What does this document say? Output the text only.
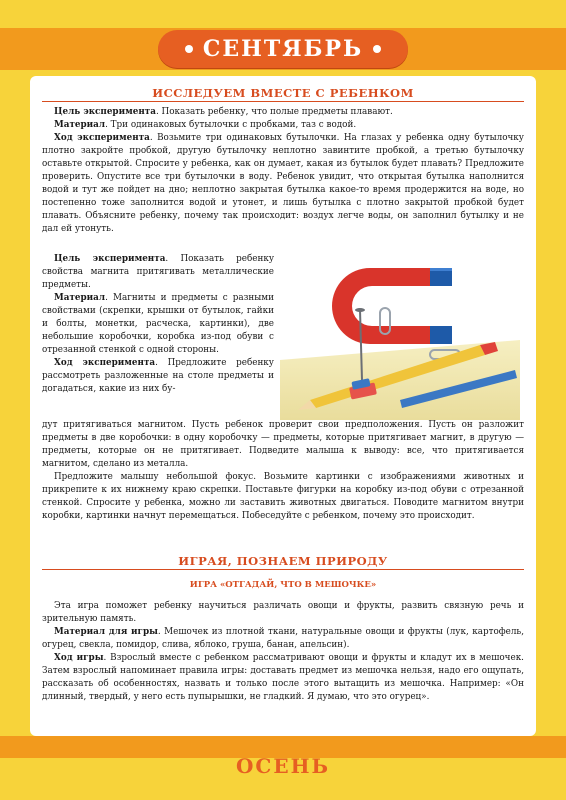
СЕНТЯБРЬ
ИССЛЕДУЕМ ВМЕСТЕ С РЕБЕНКОМ

Цель эксперимента. Показать ребенку, что полые предметы плавают.

Материал. Три одинаковых бутылочки с пробками, таз с водой.

Ход эксперимента. Возьмите три одинаковых бутылочки. На глазах у ребенка одну бутылочку плотно закройте пробкой, другую бутылочку неплотно завинтите пробкой, а третью бутылочку оставьте открытой. Спросите у ребенка, как он думает, какая из бутылок будет плавать? Предложите проверить. Опустите все три бутылочки в воду. Ребенок увидит, что открытая бутылка наполнится водой и тут же пойдет на дно; неплотно закрытая бутылка какое-то время продержится на воде, но постепенно тоже заполнится водой и утонет, и лишь бутылка с плотно закрытой пробкой будет плавать. Объясните ребенку, почему так происходит: воздух легче воды, он заполнил бутылку и не дал ей утонуть.

Цель эксперимента. Показать ребенку свойства магнита притягивать металлические предметы.

Материал. Магниты и предметы с разными свойствами (скрепки, крышки от бутылок, гайки и болты, монетки, расческа, картинки), две небольшие коробочки, коробка из-под обуви с отрезанной стенкой с одной стороны.

Ход эксперимента. Предложите ребенку рассмотреть разложенные на столе предметы и догадаться, какие из них бу-

дут притягиваться магнитом. Пусть ребенок проверит свои предположения. Пусть он разложит предметы в две коробочки: в одну коробочку — предметы, которые притягивает магнит, в другую — предметы, которые он не притягивает. Подведите малыша к выводу: все, что притягивается магнитом, сделано из металла.

Предложите малышу небольшой фокус. Возьмите картинки с изображениями животных и прикрепите к их нижнему краю скрепки. Поставьте фигурки на коробку из-под обуви с отрезанной стенкой. Спросите у ребенка, можно ли заставить животных двигаться. Поводите магнитом внутри коробки, картинки начнут перемещаться. Побеседуйте с ребенком, почему это происходит.

ИГРАЯ, ПОЗНАЕМ ПРИРОДУ
ИГРА «ОТГАДАЙ, ЧТО В МЕШОЧКЕ»

Эта игра поможет ребенку научиться различать овощи и фрукты, развить связную речь и зрительную память.

Материал для игры. Мешочек из плотной ткани, натуральные овощи и фрукты (лук, картофель, огурец, свекла, помидор, слива, яблоко, груша, банан, апельсин).

Ход игры. Взрослый вместе с ребенком рассматривают овощи и фрукты и кладут их в мешочек. Затем взрослый напоминает правила игры: доставать предмет из мешочка нельзя, надо его ощупать, рассказать об особенностях, назвать и только после этого вытащить из мешочка. Например: «Он длинный, твердый, у него есть пупырышки, не гладкий. Я думаю, что это огурец».

ОСЕНЬ
